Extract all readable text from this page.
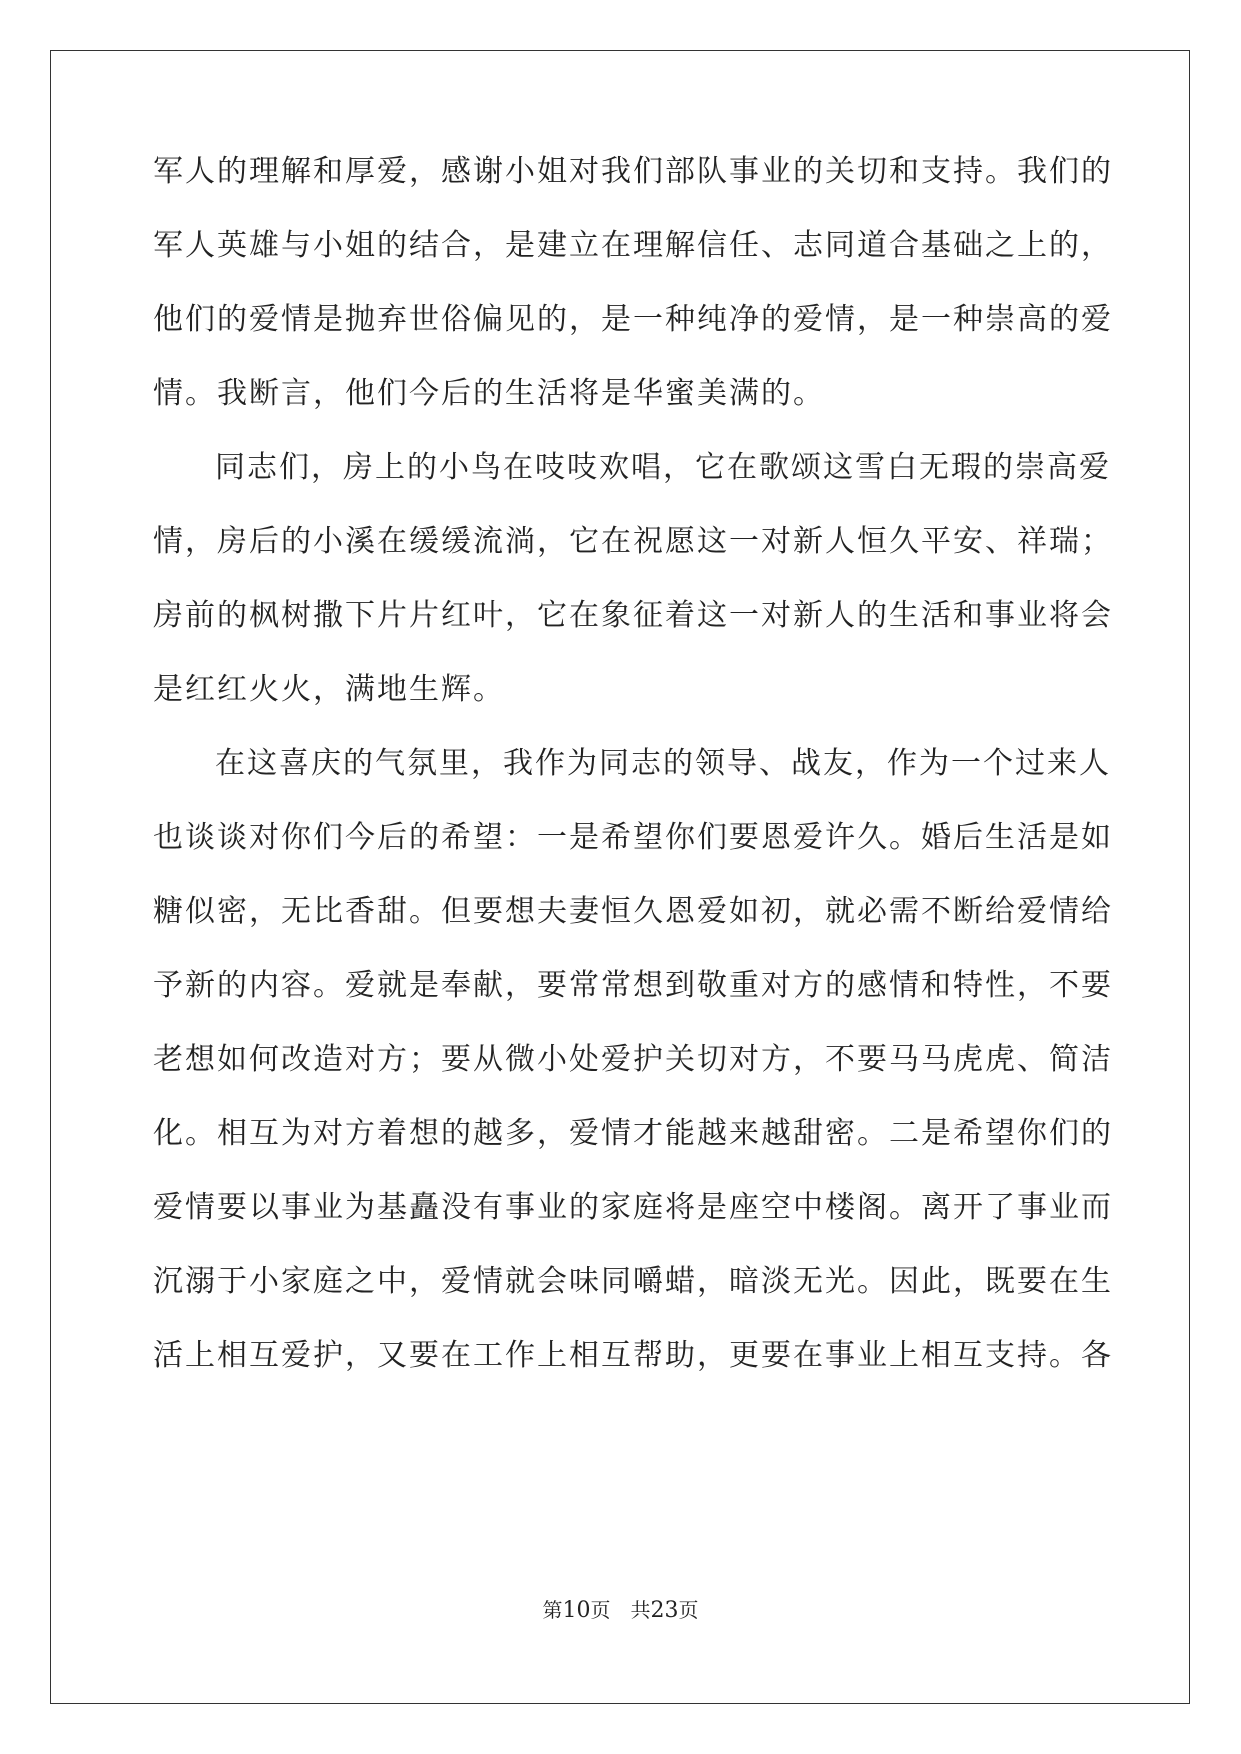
军人的理解和厚爱，感谢小姐对我们部队事业的关切和支持。我们的
军人英雄与小姐的结合，是建立在理解信任、志同道合基础之上的，
他们的爱情是抛弃世俗偏见的，是一种纯净的爱情，是一种崇高的爱
情。我断言，他们今后的生活将是华蜜美满的。
同志们，房上的小鸟在吱吱欢唱，它在歌颂这雪白无瑕的崇高爱
情，房后的小溪在缓缓流淌，它在祝愿这一对新人恒久平安、祥瑞；
房前的枫树撒下片片红叶，它在象征着这一对新人的生活和事业将会
是红红火火，满地生辉。
在这喜庆的气氛里，我作为同志的领导、战友，作为一个过来人
也谈谈对你们今后的希望：一是希望你们要恩爱许久。婚后生活是如
糖似密，无比香甜。但要想夫妻恒久恩爱如初，就必需不断给爱情给
予新的内容。爱就是奉献，要常常想到敬重对方的感情和特性，不要
老想如何改造对方；要从微小处爱护关切对方，不要马马虎虎、简洁
化。相互为对方着想的越多，爱情才能越来越甜密。二是希望你们的
爱情要以事业为基矗没有事业的家庭将是座空中楼阁。离开了事业而
沉溺于小家庭之中，爱情就会味同嚼蜡，暗淡无光。因此，既要在生
活上相互爱护，又要在工作上相互帮助，更要在事业上相互支持。各
第10页　共23页
